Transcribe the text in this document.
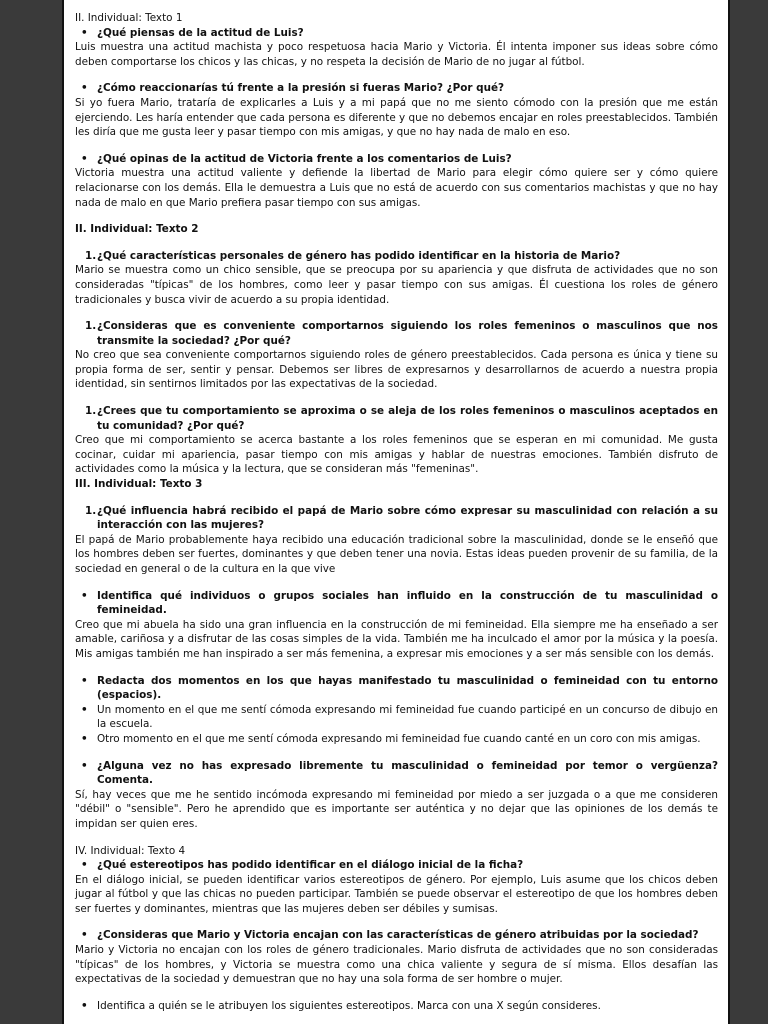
II. Individual: Texto 1
• ¿Qué piensas de la actitud de Luis?
Luis muestra una actitud machista y poco respetuosa hacia Mario y Victoria. Él intenta imponer sus ideas sobre cómo deben comportarse los chicos y las chicas, y no respeta la decisión de Mario de no jugar al fútbol.
• ¿Cómo reaccionarías tú frente a la presión si fueras Mario? ¿Por qué?
Si yo fuera Mario, trataría de explicarles a Luis y a mi papá que no me siento cómodo con la presión que me están ejerciendo. Les haría entender que cada persona es diferente y que no debemos encajar en roles preestablecidos. También les diría que me gusta leer y pasar tiempo con mis amigas, y que no hay nada de malo en eso.
• ¿Qué opinas de la actitud de Victoria frente a los comentarios de Luis?
Victoria muestra una actitud valiente y defiende la libertad de Mario para elegir cómo quiere ser y cómo quiere relacionarse con los demás. Ella le demuestra a Luis que no está de acuerdo con sus comentarios machistas y que no hay nada de malo en que Mario prefiera pasar tiempo con sus amigas.
II. Individual: Texto 2
1. ¿Qué características personales de género has podido identificar en la historia de Mario?
Mario se muestra como un chico sensible, que se preocupa por su apariencia y que disfruta de actividades que no son consideradas "típicas" de los hombres, como leer y pasar tiempo con sus amigas. Él cuestiona los roles de género tradicionales y busca vivir de acuerdo a su propia identidad.
1. ¿Consideras que es conveniente comportarnos siguiendo los roles femeninos o masculinos que nos transmite la sociedad? ¿Por qué?
No creo que sea conveniente comportarnos siguiendo roles de género preestablecidos. Cada persona es única y tiene su propia forma de ser, sentir y pensar. Debemos ser libres de expresarnos y desarrollarnos de acuerdo a nuestra propia identidad, sin sentirnos limitados por las expectativas de la sociedad.
1. ¿Crees que tu comportamiento se aproxima o se aleja de los roles femeninos o masculinos aceptados en tu comunidad? ¿Por qué?
Creo que mi comportamiento se acerca bastante a los roles femeninos que se esperan en mi comunidad. Me gusta cocinar, cuidar mi apariencia, pasar tiempo con mis amigas y hablar de nuestras emociones. También disfruto de actividades como la música y la lectura, que se consideran más "femeninas".
III. Individual: Texto 3
1. ¿Qué influencia habrá recibido el papá de Mario sobre cómo expresar su masculinidad con relación a su interacción con las mujeres?
El papá de Mario probablemente haya recibido una educación tradicional sobre la masculinidad, donde se le enseñó que los hombres deben ser fuertes, dominantes y que deben tener una novia. Estas ideas pueden provenir de su familia, de la sociedad en general o de la cultura en la que vive
• Identifica qué individuos o grupos sociales han influido en la construcción de tu masculinidad o femineidad.
Creo que mi abuela ha sido una gran influencia en la construcción de mi femineidad. Ella siempre me ha enseñado a ser amable, cariñosa y a disfrutar de las cosas simples de la vida. También me ha inculcado el amor por la música y la poesía. Mis amigas también me han inspirado a ser más femenina, a expresar mis emociones y a ser más sensible con los demás.
• Redacta dos momentos en los que hayas manifestado tu masculinidad o femineidad con tu entorno (espacios).
• Un momento en el que me sentí cómoda expresando mi femineidad fue cuando participé en un concurso de dibujo en la escuela.
• Otro momento en el que me sentí cómoda expresando mi femineidad fue cuando canté en un coro con mis amigas.
• ¿Alguna vez no has expresado libremente tu masculinidad o femineidad por temor o vergüenza? Comenta.
Sí, hay veces que me he sentido incómoda expresando mi femineidad por miedo a ser juzgada o a que me consideren "débil" o "sensible". Pero he aprendido que es importante ser auténtica y no dejar que las opiniones de los demás te impidan ser quien eres.
IV. Individual: Texto 4
• ¿Qué estereotipos has podido identificar en el diálogo inicial de la ficha?
En el diálogo inicial, se pueden identificar varios estereotipos de género. Por ejemplo, Luis asume que los chicos deben jugar al fútbol y que las chicas no pueden participar. También se puede observar el estereotipo de que los hombres deben ser fuertes y dominantes, mientras que las mujeres deben ser débiles y sumisas.
• ¿Consideras que Mario y Victoria encajan con las características de género atribuidas por la sociedad?
Mario y Victoria no encajan con los roles de género tradicionales. Mario disfruta de actividades que no son consideradas "típicas" de los hombres, y Victoria se muestra como una chica valiente y segura de sí misma. Ellos desafían las expectativas de la sociedad y demuestran que no hay una sola forma de ser hombre o mujer.
• Identifica a quién se le atribuyen los siguientes estereotipos. Marca con una X según consideres.
